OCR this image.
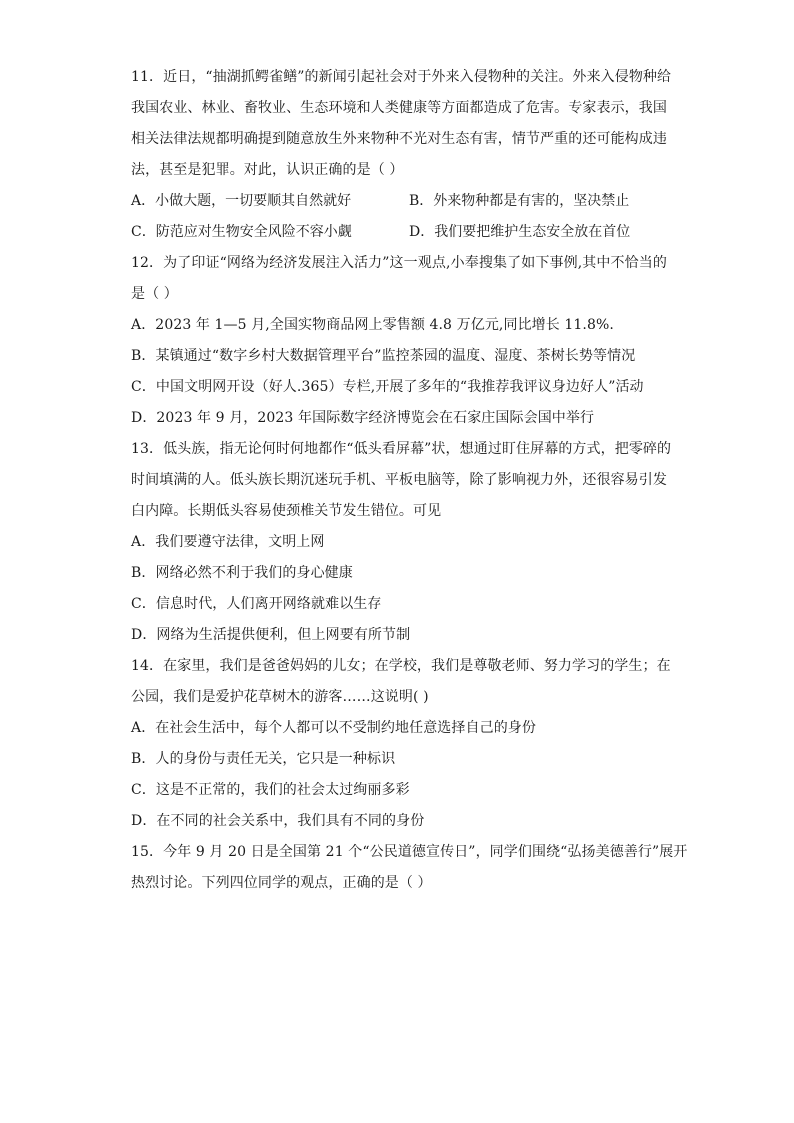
11．近日，“抽湖抓鳄雀鳝”的新闻引起社会对于外来入侵物种的关注。外来入侵物种给
我国农业、林业、畜牧业、生态环境和人类健康等方面都造成了危害。专家表示，我国
相关法律法规都明确提到随意放生外来物种不光对生态有害，情节严重的还可能构成违
法，甚至是犯罪。对此，认识正确的是（ ）
A．小做大题，一切要顺其自然就好	B．外来物种都是有害的，坚决禁止
C．防范应对生物安全风险不容小觑	D．我们要把维护生态安全放在首位
12．为了印证“网络为经济发展注入活力”这一观点,小奉搜集了如下事例,其中不恰当的
是（ ）
A．2023 年 1—5 月,全国实物商品网上零售额 4.8 万亿元,同比增长 11.8%.
B．某镇通过“数字乡村大数据管理平台”监控茶园的温度、湿度、茶树长势等情况
C．中国文明网开设（好人.365）专栏,开展了多年的“我推荐我评议身边好人”活动
D．2023 年 9 月，2023 年国际数字经济博览会在石家庄国际会国中举行
13．低头族，指无论何时何地都作“低头看屏幕”状，想通过盯住屏幕的方式，把零碎的
时间填满的人。低头族长期沉迷玩手机、平板电脑等，除了影响视力外，还很容易引发
白内障。长期低头容易使颈椎关节发生错位。可见
A．我们要遵守法律，文明上网
B．网络必然不利于我们的身心健康
C．信息时代，人们离开网络就难以生存
D．网络为生活提供便利，但上网要有所节制
14．在家里，我们是爸爸妈妈的儿女；在学校，我们是尊敬老师、努力学习的学生；在
公园，我们是爱护花草树木的游客……这说明( )
A．在社会生活中，每个人都可以不受制约地任意选择自己的身份
B．人的身份与责任无关，它只是一种标识
C．这是不正常的，我们的社会太过绚丽多彩
D．在不同的社会关系中，我们具有不同的身份
15．今年 9 月 20 日是全国第 21 个“公民道德宣传日”，同学们围绕“弘扬美德善行”展开
热烈讨论。下列四位同学的观点，正确的是（ ）
